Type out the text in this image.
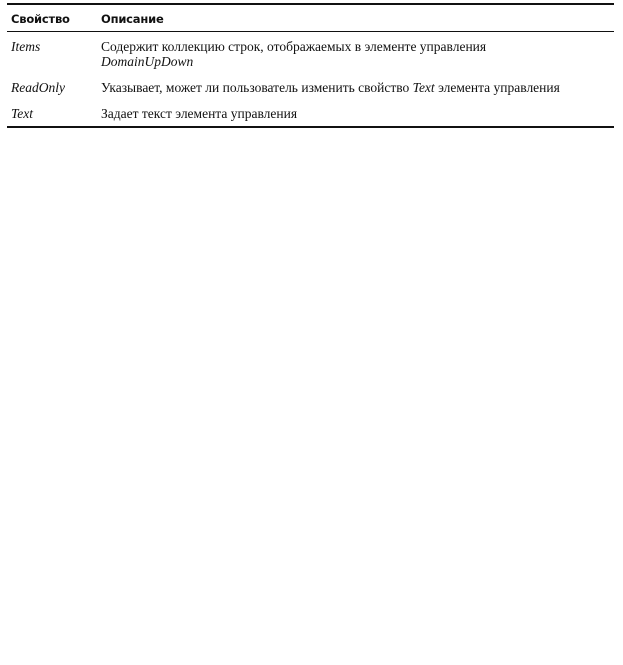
Свойство	Описание
Items	Содержит коллекцию строк, отображаемых в элементе управления
DomainUpDown
ReadOnly	Указывает, может ли пользователь изменить свойство Text элемента управления
Text	Задает текст элемента управления
